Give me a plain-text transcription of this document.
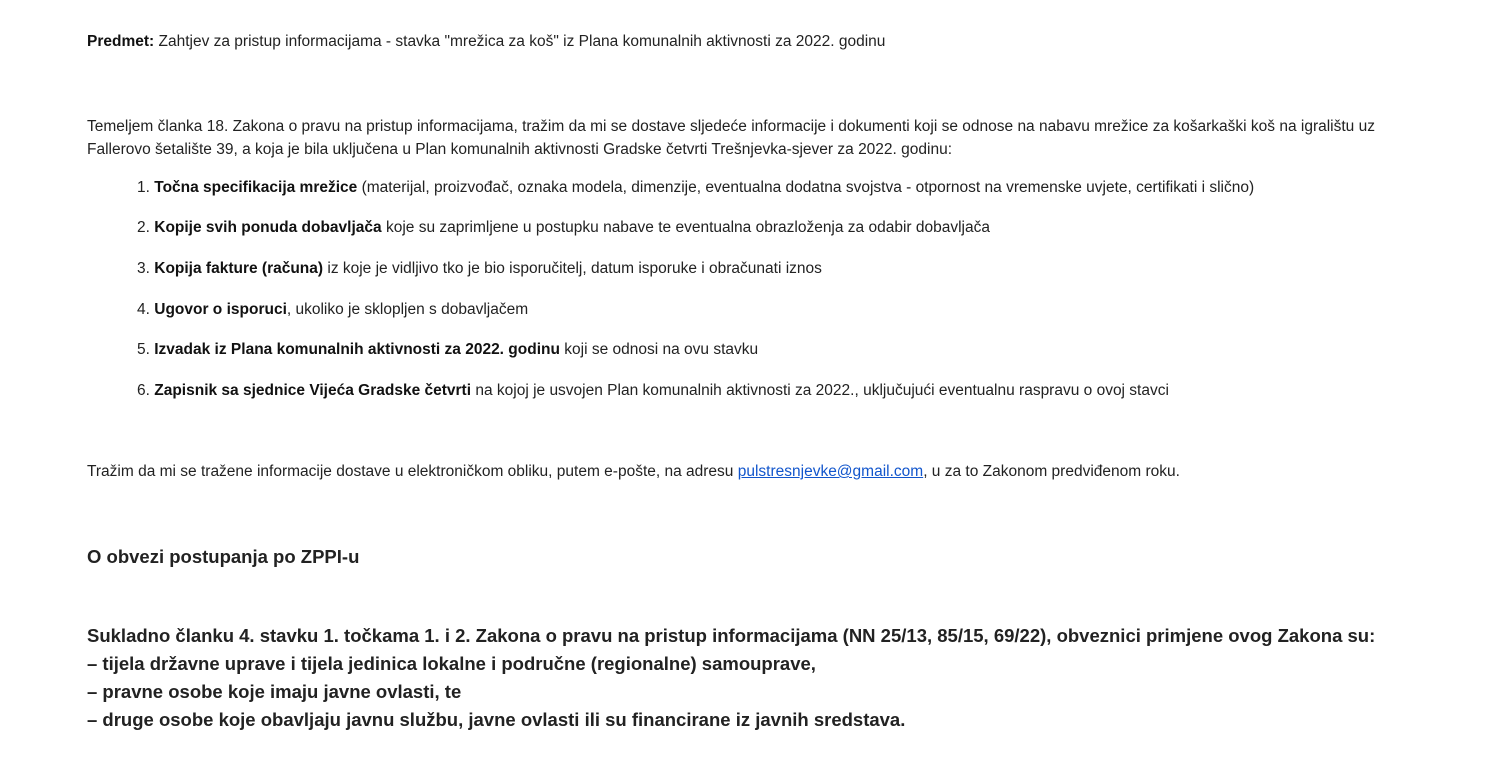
Predmet: Zahtjev za pristup informacijama - stavka "mrežica za koš" iz Plana komunalnih aktivnosti za 2022. godinu
Temeljem članka 18. Zakona o pravu na pristup informacijama, tražim da mi se dostave sljedeće informacije i dokumenti koji se odnose na nabavu mrežice za košarkaški koš na igralištu uz
Fallerovo šetalište 39, a koja je bila uključena u Plan komunalnih aktivnosti Gradske četvrti Trešnjevka-sjever za 2022. godinu:
1. Točna specifikacija mrežice (materijal, proizvođač, oznaka modela, dimenzije, eventualna dodatna svojstva - otpornost na vremenske uvjete, certifikati i slično)
2. Kopije svih ponuda dobavljača koje su zaprimljene u postupku nabave te eventualna obrazloženja za odabir dobavljača
3. Kopija fakture (računa) iz koje je vidljivo tko je bio isporučitelj, datum isporuke i obračunati iznos
4. Ugovor o isporuci, ukoliko je sklopljen s dobavljačem
5. Izvadak iz Plana komunalnih aktivnosti za 2022. godinu koji se odnosi na ovu stavku
6. Zapisnik sa sjednice Vijeća Gradske četvrti na kojoj je usvojen Plan komunalnih aktivnosti za 2022., uključujući eventualnu raspravu o ovoj stavci
Tražim da mi se tražene informacije dostave u elektroničkom obliku, putem e-pošte, na adresu pulstresnjevke@gmail.com, u za to Zakonom predviđenom roku.
O obvezi postupanja po ZPPI-u
Sukladno članku 4. stavku 1. točkama 1. i 2. Zakona o pravu na pristup informacijama (NN 25/13, 85/15, 69/22), obveznici primjene ovog Zakona su:
– tijela državne uprave i tijela jedinica lokalne i područne (regionalne) samouprave,
– pravne osobe koje imaju javne ovlasti, te
– druge osobe koje obavljaju javnu službu, javne ovlasti ili su financirane iz javnih sredstava.
